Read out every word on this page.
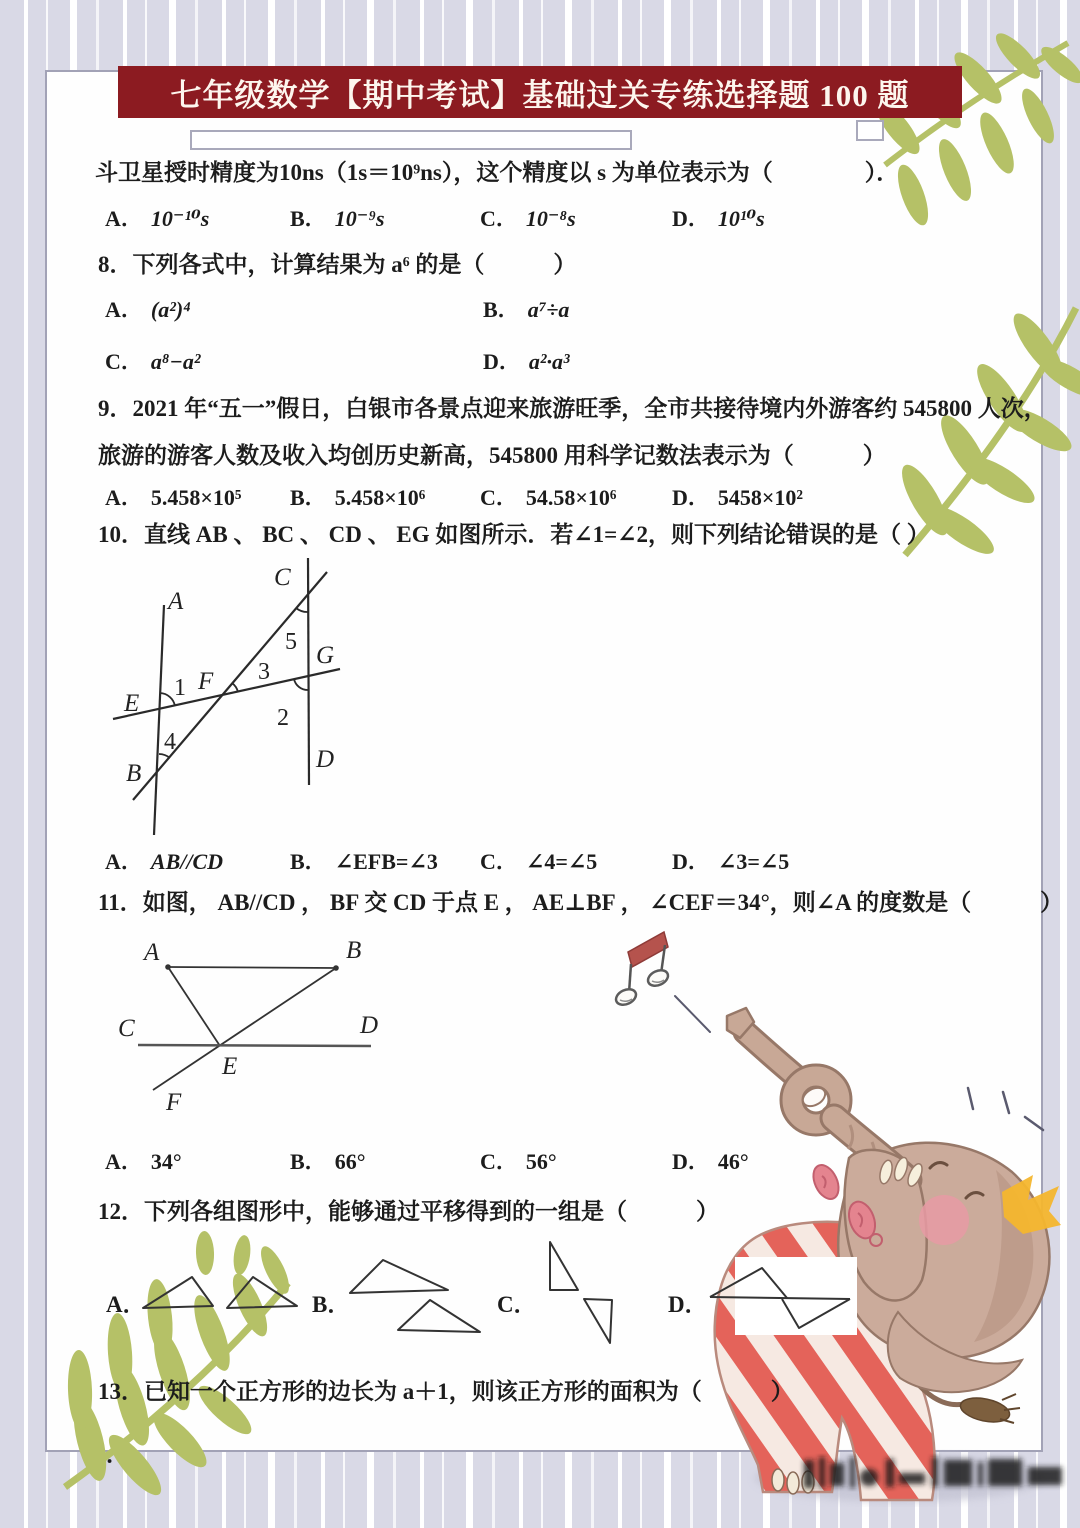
七年级数学【期中考试】基础过关专练选择题 100 题
斗卫星授时精度为10ns（1s＝10⁹ns），这个精度以 s 为单位表示为（　　　　）．
A． 10⁻¹⁰s	B． 10⁻⁹s	C． 10⁻⁸s	D． 10¹⁰s
8．下列各式中，计算结果为 a⁶ 的是（　　　）
A． (a²)⁴	B． a⁷÷a
C． a⁸−a²	D． a²·a³
9．2021 年“五一”假日，白银市各景点迎来旅游旺季，全市共接待境内外游客约 545800 人次，
旅游的游客人数及收入均创历史新高，545800 用科学记数法表示为（　　　）
A． 5.458×10⁵ B． 5.458×10⁶ C． 54.58×10⁶	D． 5458×10²
10．直线 AB 、 BC 、 CD 、 EG 如图所示．若∠1=∠2，则下列结论错误的是（ ）
A
E
B
C
G
D
F
1
4
3
5
2
A． AB//CD	B． ∠EFB=∠3 C． ∠4=∠5	D． ∠3=∠5
11．如图， AB//CD ， BF 交 CD 于点 E ， AE⊥BF ， ∠CEF＝34°，则∠A 的度数是（　　　）
A	B
C	D
E
F
A． 34°	B． 66°	C． 56°	D． 46°
12．下列各组图形中，能够通过平移得到的一组是（　　　）
A．	B．	C．	D．
13．已知一个正方形的边长为 a＋1，则该正方形的面积为（　　　）
．
